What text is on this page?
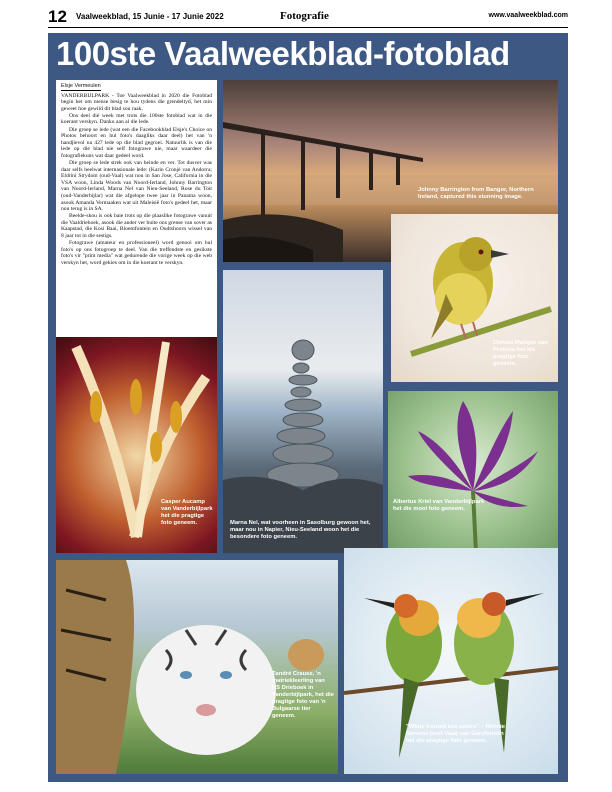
12 Vaalweekblad, 15 Junie - 17 Junie 2022	Fotografie	www.vaalweekblad.com
100ste Vaalweekblad-fotoblad
Elsje Vermeulen

VANDERBIJLPARK - Toe Vaalweekblad in 2020 die Fotoblad begin het om mense besig te hou tydens die grendeltyd, het min geweet hoe gewild dit blad sou raak.

Ons deel dié week met trots die 100ste fotoblad wat in die koerant verskyn. Danku aan al die lede.

Die groep se lede (wat een die Facebookblad Elsje's Choice on Photos behoort en hul foto's daagliks daar deel) het van 'n handjievol na 427 lede op die blad gegroei. Natuurlik is van die lede op die blad nie self fotograwe nie, maar waardeer die fotografiekuns wat daar gedeel word.

Die groep se lede strek ook van heinde en ver. Tot dusver was daar selfs heelwat internasionale lede: (Karin Cronjé van Andorra; Eldrini Strydom (oud-Vaal) wat nou in San Jose, California in die VSA woon, Linda Woods van Noord-Ierland, Johnny Barrington van Noord-Ierland, Marna Nel van Nieu-Seeland, Rose du Toit (oud-Vanderbijlar) wat die afgelope twee jaar in Panama woon, asook Amanda Vermaaken wat uit Maleisië foto's gedeel het, maar nou terug is in SA.

Beelde-skou is ook baie trots op die plaaslike fotograwe vanuit die Vaaldriehoek, asook die ander ver buite ons grense van sover as Kaapstad, die Kosi Baai, Bloemfontein en Oudtshoorn wissel van 8 jaar tot in die sestigs.

Fotograwe (amateur en professioneel) word genooi om hul foto's op ons fotogroep te deel. Van die treffendste en gesikste foto's vir "print media" wat gedurende die vorige week op die web verskyn het, word gekies om in die koerant te verskyn.

Johnny Barrington from Bangor, Northern Ireland, captured this stunning image.
Christo Malnjee van Pretoria het die pragtige foto geneem.
Casper Aucamp van Vanderbijlpark het die pragtige foto geneem.	Marna Nel, wat voorheen in Sasolburg gewoon het, maar nou in Napier, Nieu-Seeland woon het die besondere foto geneem.
Albertus Kriel van Vanderbijlpark het die mooi foto geneem.
Zandré Crause, 'n matriekleerling van HS Drieboek in Vanderbijlpark, het die pragtige foto van 'n Bulgaarse tier geneem.
"White fronted bee eaters" – Rennie Stevens (oud-Vaal) van Garsfontein het die pragtige foto geneem.
